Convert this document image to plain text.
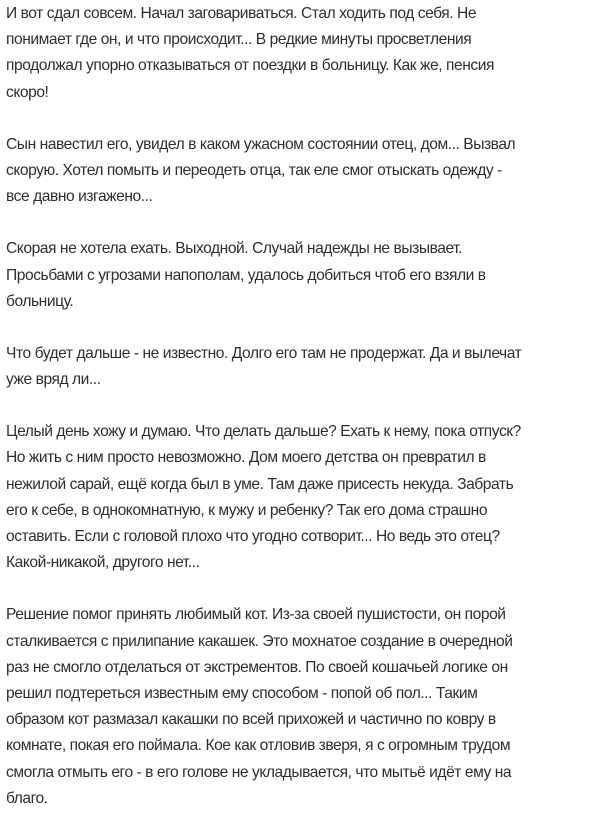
И вот сдал совсем. Начал заговариваться. Стал ходить под себя. Не
понимает где он, и что происходит... В редкие минуты просветления
продолжал упорно отказываться от поездки в больницу. Как же, пенсия
скоро!

Сын навестил его, увидел в каком ужасном состоянии отец, дом... Вызвал
скорую. Хотел помыть и переодеть отца, так еле смог отыскать одежду -
все давно изгажено...

Скорая не хотела ехать. Выходной. Случай надежды не вызывает.
Просьбами с угрозами напополам, удалось добиться чтоб его взяли в
больницу.

Что будет дальше - не известно. Долго его там не продержат. Да и вылечат
уже вряд ли...

Целый день хожу и думаю. Что делать дальше? Ехать к нему, пока отпуск?
Но жить с ним просто невозможно. Дом моего детства он превратил в
нежилой сарай, ещё когда был в уме. Там даже присесть некуда. Забрать
его к себе, в однокомнатную, к мужу и ребенку? Так его дома страшно
оставить. Если с головой плохо что угодно сотворит... Но ведь это отец?
Какой-никакой, другого нет...

Решение помог принять любимый кот. Из-за своей пушистости, он порой
сталкивается с прилипание какашек. Это мохнатое создание в очередной
раз не смогло отделаться от экстрементов. По своей кошачьей логике он
решил подтереться известным ему способом - попой об пол... Таким
образом кот размазал какашки по всей прихожей и частично по ковру в
комнате, покая его поймала. Кое как отловив зверя, я с огромным трудом
смогла отмыть его - в его голове не укладывается, что мытьё идёт ему на
благо.
